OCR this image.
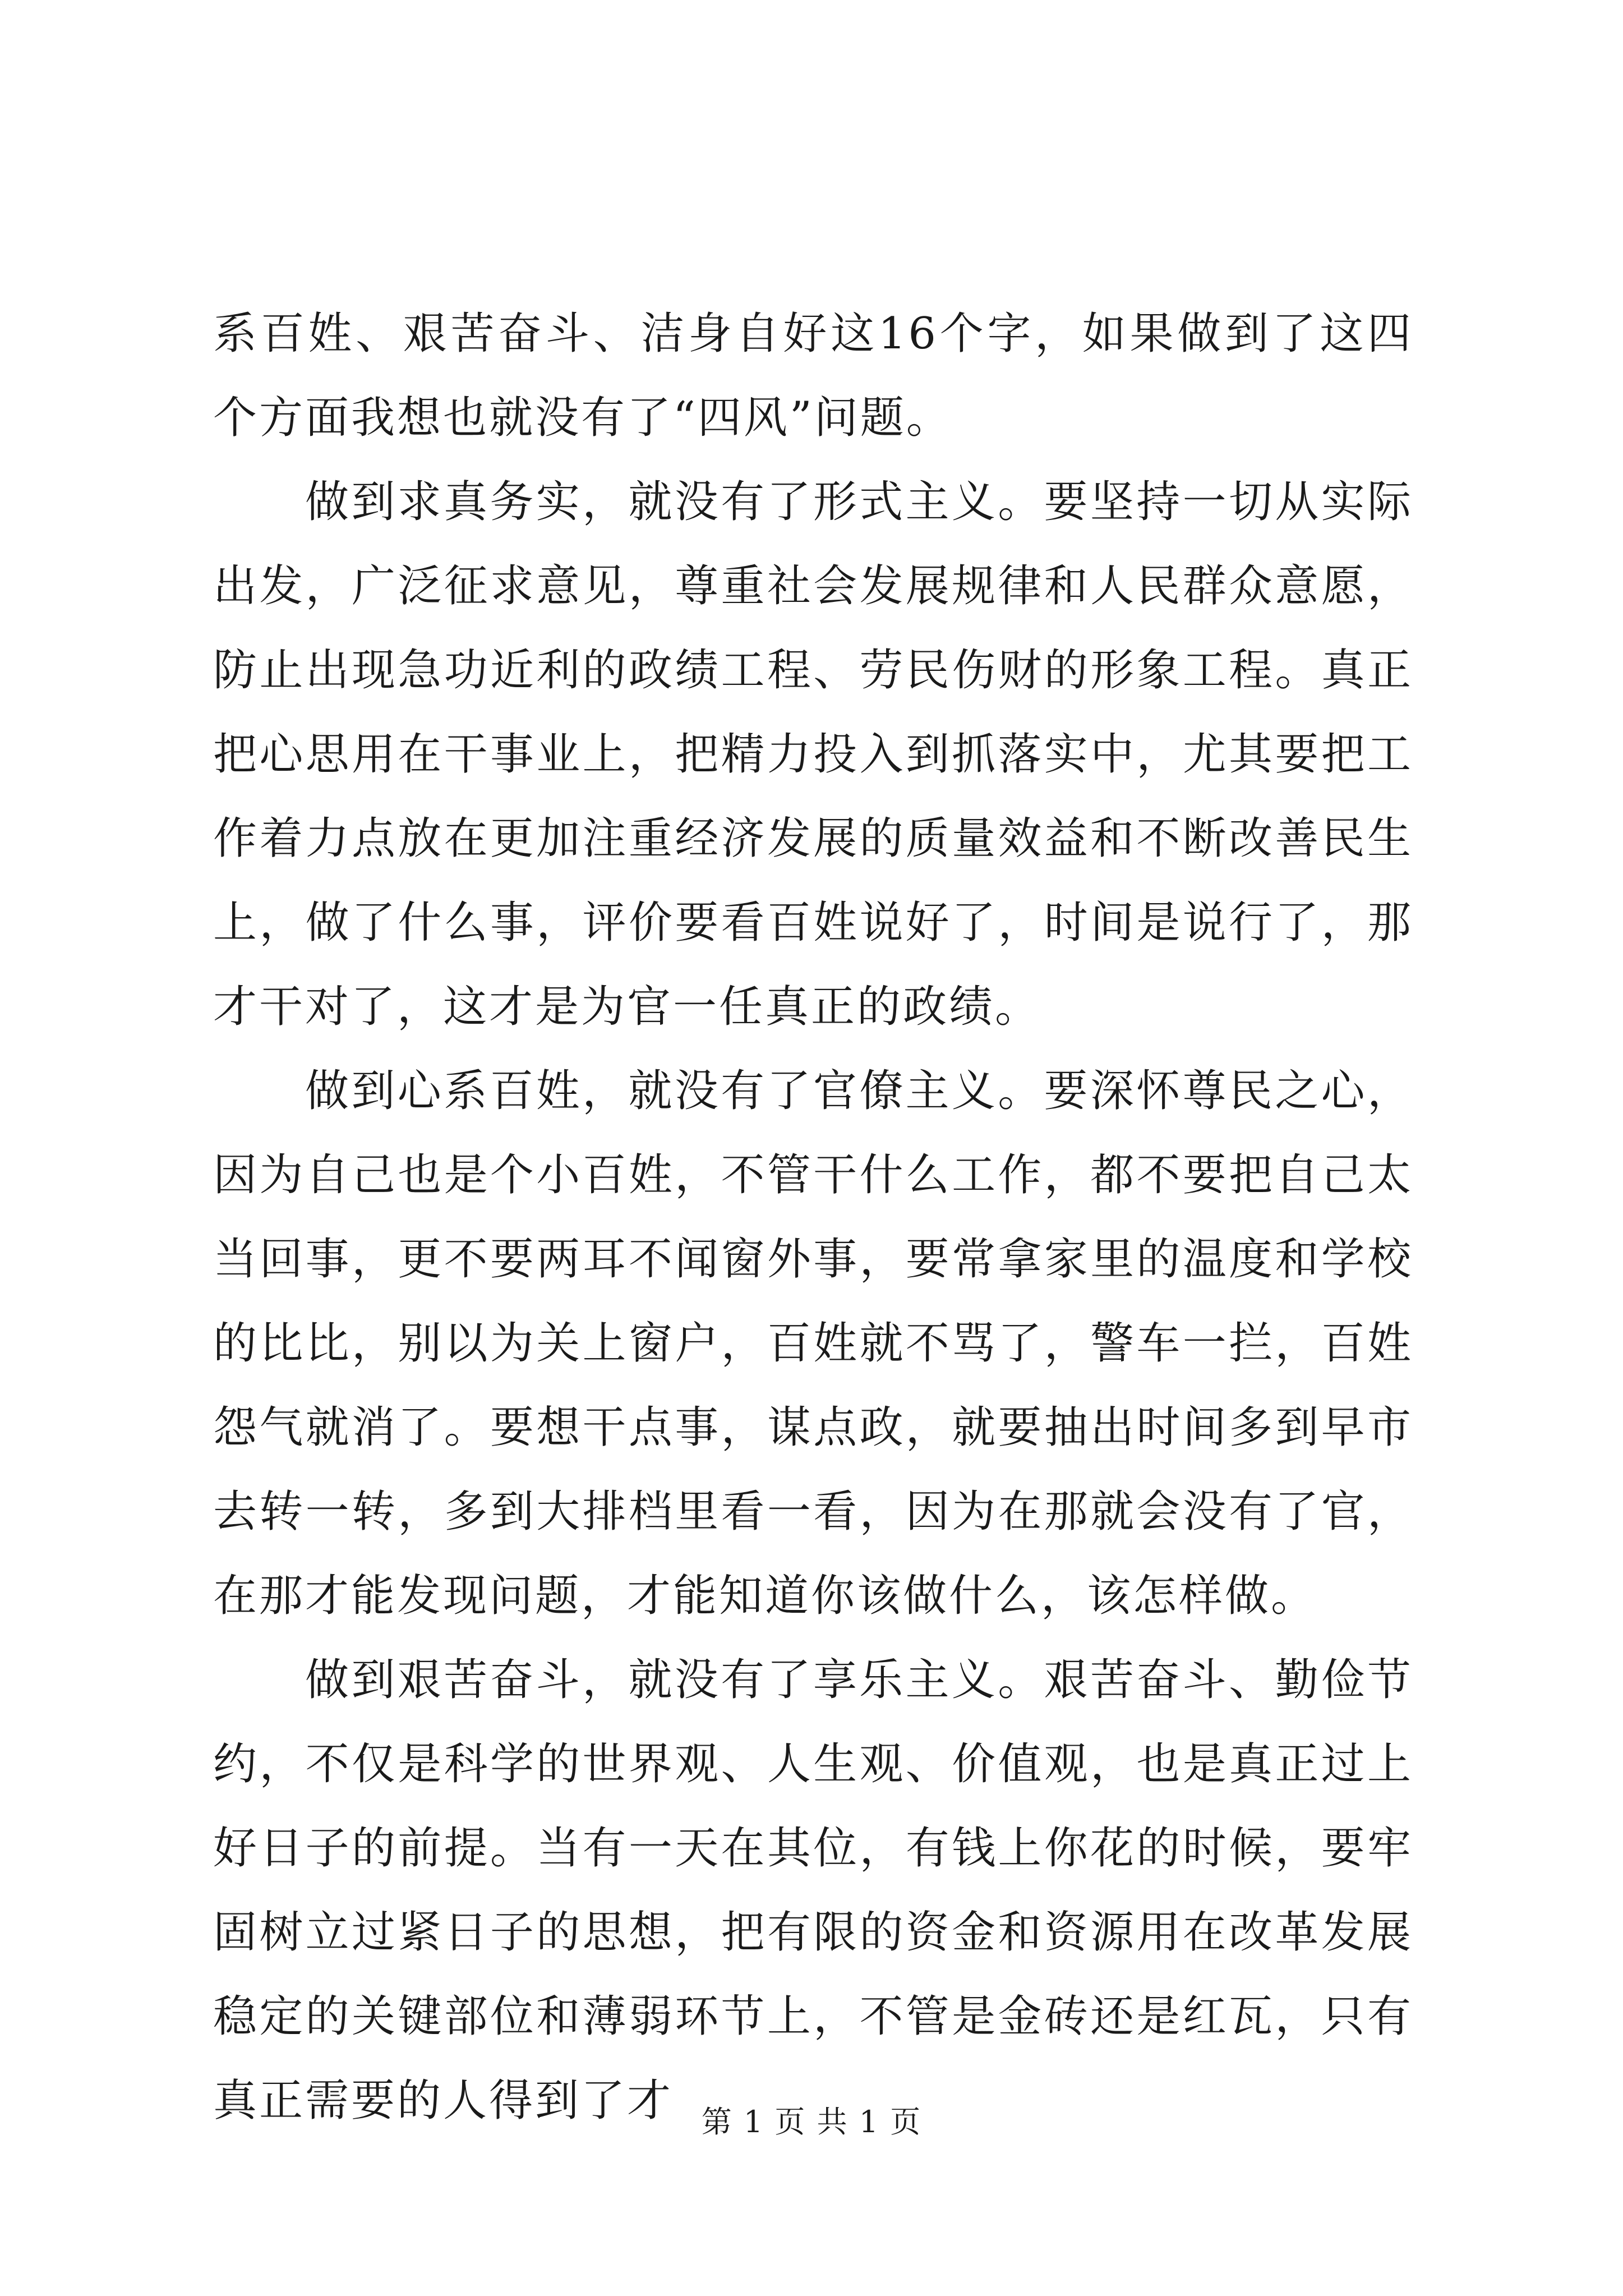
系百姓、艰苦奋斗、洁身自好这16个字，如果做到了这四个方面我想也就没有了“四风”问题。

做到求真务实，就没有了形式主义。要坚持一切从实际出发，广泛征求意见，尊重社会发展规律和人民群众意愿，防止出现急功近利的政绩工程、劳民伤财的形象工程。真正把心思用在干事业上，把精力投入到抓落实中，尤其要把工作着力点放在更加注重经济发展的质量效益和不断改善民生上，做了什么事，评价要看百姓说好了，时间是说行了，那才干对了，这才是为官一任真正的政绩。

做到心系百姓，就没有了官僚主义。要深怀尊民之心，因为自己也是个小百姓，不管干什么工作，都不要把自己太当回事，更不要两耳不闻窗外事，要常拿家里的温度和学校的比比，别以为关上窗户，百姓就不骂了，警车一拦，百姓怨气就消了。要想干点事，谋点政，就要抽出时间多到早市去转一转，多到大排档里看一看，因为在那就会没有了官，在那才能发现问题，才能知道你该做什么，该怎样做。

做到艰苦奋斗，就没有了享乐主义。艰苦奋斗、勤俭节约，不仅是科学的世界观、人生观、价值观，也是真正过上好日子的前提。当有一天在其位，有钱上你花的时候，要牢固树立过紧日子的思想，把有限的资金和资源用在改革发展稳定的关键部位和薄弱环节上，不管是金砖还是红瓦，只有真正需要的人得到了才 第 1 页 共 1 页
